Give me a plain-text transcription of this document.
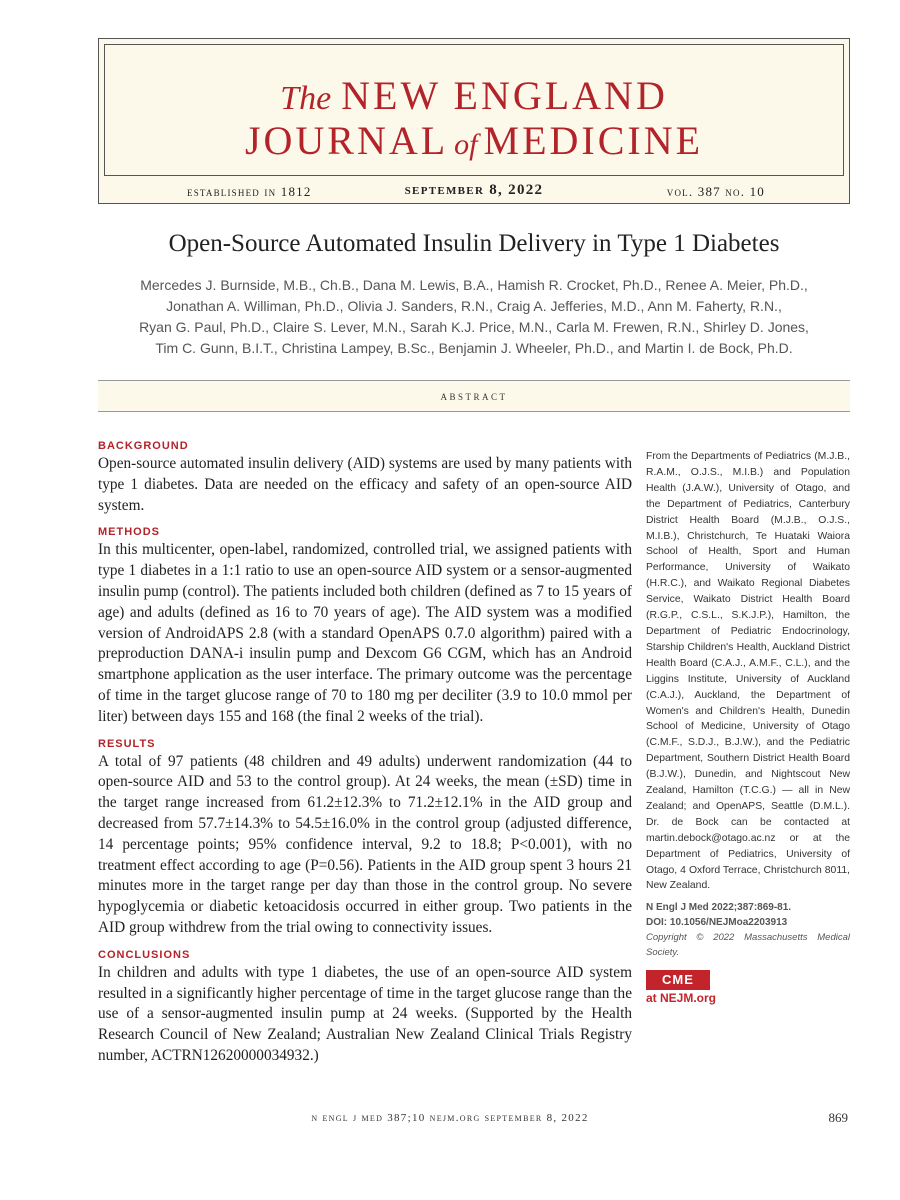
The NEW ENGLAND
JOURNAL of MEDICINE
established in 1812	september 8, 2022	vol. 387 no. 10
Open-Source Automated Insulin Delivery in Type 1 Diabetes
Mercedes J. Burnside, M.B., Ch.B., Dana M. Lewis, B.A., Hamish R. Crocket, Ph.D., Renee A. Meier, Ph.D.,
Jonathan A. Williman, Ph.D., Olivia J. Sanders, R.N., Craig A. Jefferies, M.D., Ann M. Faherty, R.N.,
Ryan G. Paul, Ph.D., Claire S. Lever, M.N., Sarah K.J. Price, M.N., Carla M. Frewen, R.N., Shirley D. Jones,
Tim C. Gunn, B.I.T., Christina Lampey, B.Sc., Benjamin J. Wheeler, Ph.D., and Martin I. de Bock, Ph.D.
abstract
BACKGROUND

Open-source automated insulin delivery (AID) systems are used by many patients with type 1 diabetes. Data are needed on the efficacy and safety of an open-source AID system.

METHODS

In this multicenter, open-label, randomized, controlled trial, we assigned patients with type 1 diabetes in a 1:1 ratio to use an open-source AID system or a sensor-augmented insulin pump (control). The patients included both children (defined as 7 to 15 years of age) and adults (defined as 16 to 70 years of age). The AID system was a modified version of AndroidAPS 2.8 (with a standard OpenAPS 0.7.0 algorithm) paired with a preproduction DANA-i insulin pump and Dexcom G6 CGM, which has an Android smartphone application as the user interface. The primary outcome was the percentage of time in the target glucose range of 70 to 180 mg per deciliter (3.9 to 10.0 mmol per liter) between days 155 and 168 (the final 2 weeks of the trial).

RESULTS

A total of 97 patients (48 children and 49 adults) underwent randomization (44 to open-source AID and 53 to the control group). At 24 weeks, the mean (±SD) time in the target range increased from 61.2±12.3% to 71.2±12.1% in the AID group and decreased from 57.7±14.3% to 54.5±16.0% in the control group (adjusted difference, 14 percentage points; 95% confidence interval, 9.2 to 18.8; P<0.001), with no treatment effect according to age (P=0.56). Patients in the AID group spent 3 hours 21 minutes more in the target range per day than those in the control group. No severe hypoglycemia or diabetic ketoacidosis occurred in either group. Two patients in the AID group withdrew from the trial owing to connectivity issues.

CONCLUSIONS

In children and adults with type 1 diabetes, the use of an open-source AID system resulted in a significantly higher percentage of time in the target glucose range than the use of a sensor-augmented insulin pump at 24 weeks. (Supported by the Health Research Council of New Zealand; Australian New Zealand Clinical Trials Registry number, ACTRN12620000034932.)

From the Departments of Pediatrics (M.J.B., R.A.M., O.J.S., M.I.B.) and Population Health (J.A.W.), University of Otago, and the Department of Pediatrics, Canterbury District Health Board (M.J.B., O.J.S., M.I.B.), Christchurch, Te Huataki Waiora School of Health, Sport and Human Performance, University of Waikato (H.R.C.), and Waikato Regional Diabetes Service, Waikato District Health Board (R.G.P., C.S.L., S.K.J.P.), Hamilton, the Department of Pediatric Endocrinology, Starship Children's Health, Auckland District Health Board (C.A.J., A.M.F., C.L.), and the Liggins Institute, University of Auckland (C.A.J.), Auckland, the Department of Women's and Children's Health, Dunedin School of Medicine, University of Otago (C.M.F., S.D.J., B.J.W.), and the Pediatric Department, Southern District Health Board (B.J.W.), Dunedin, and Nightscout New Zealand, Hamilton (T.C.G.) — all in New Zealand; and OpenAPS, Seattle (D.M.L.). Dr. de Bock can be contacted at martin.debock@otago.ac.nz or at the Department of Pediatrics, University of Otago, 4 Oxford Terrace, Christchurch 8011, New Zealand.
N Engl J Med 2022;387:869-81.
DOI: 10.1056/NEJMoa2203913
Copyright © 2022 Massachusetts Medical Society.
CME
at NEJM.org
n engl j med 387;10 nejm.org september 8, 2022	869
